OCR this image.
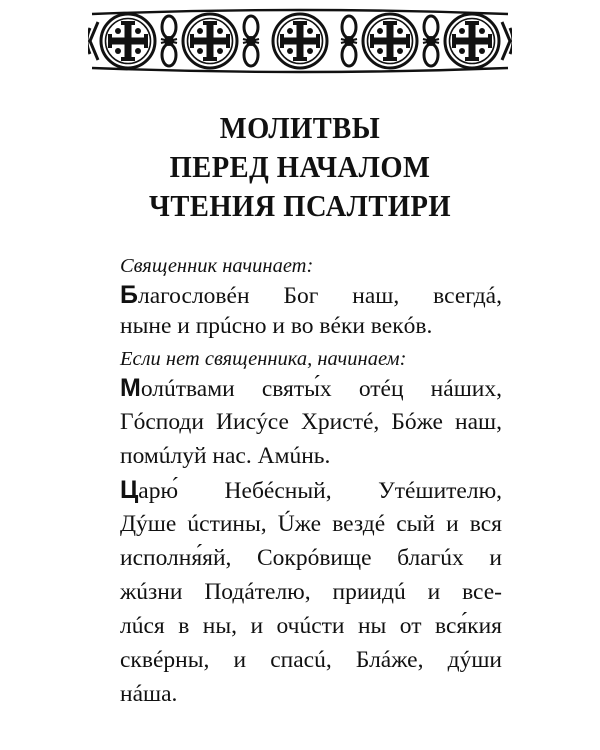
МОЛИТВЫ
ПЕРЕД НАЧАЛОМ
ЧТЕНИЯ ПСАЛТИРИ
Священник начинает:
Благословéн Бог наш, всегдá,
нынe и прúсно и во вéки векóв.
Если нет священника, начинаем:
Молúтвами святы́х отéц нáших,
Гóсподи Иисýсе Христé, Бóже наш,
помúлуй нас. Амúнь.
Царю́ Небéсный, Утéшителю,
Дýше úстины, Úже вездé сый и вся
исполня́яй, Сокрóвище благúх и
жúзни Подáтелю, приидú и все-
лúся в ны, и очúсти ны от вся́кия
сквéрны, и спасú, Блáже, дýши
нáша.
